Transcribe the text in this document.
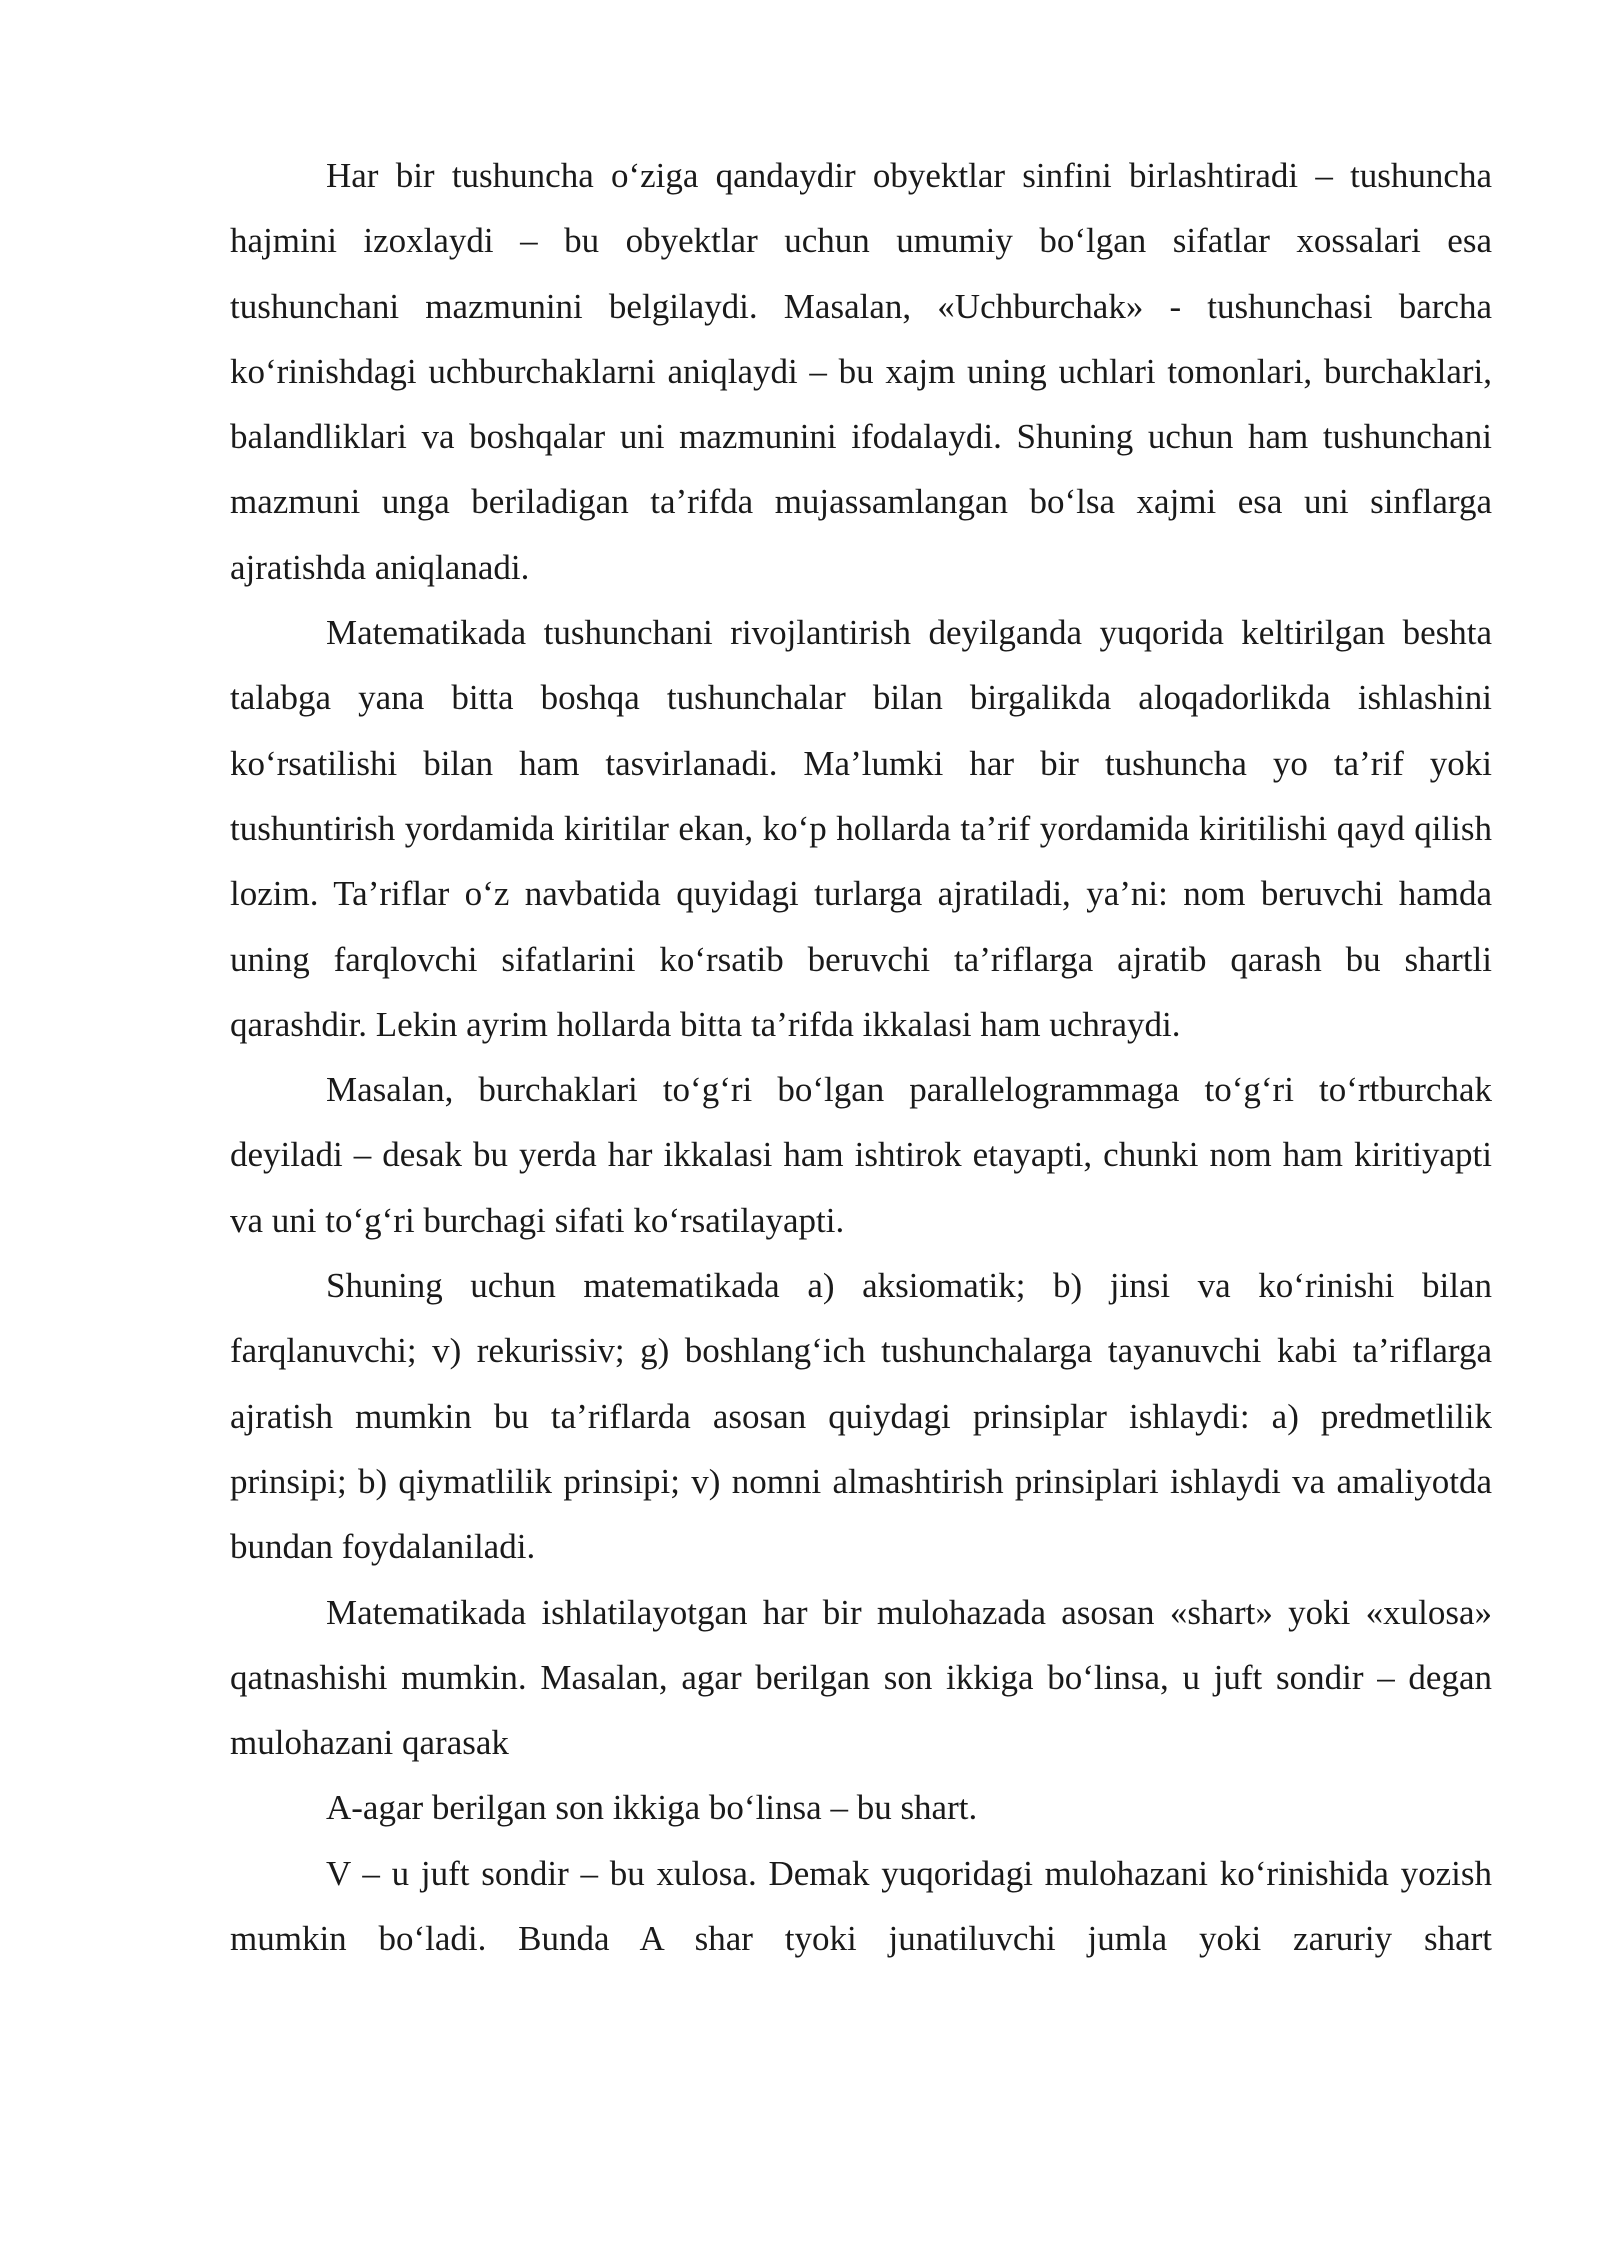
Har bir tushuncha o‘ziga qandaydir obyektlar sinfini birlashtiradi – tushuncha hajmini izoxlaydi – bu obyektlar uchun umumiy bo‘lgan sifatlar xossalari esa tushunchani mazmunini belgilaydi. Masalan, «Uchburchak» - tushunchasi barcha ko‘rinishdagi uchburchaklarni aniqlaydi – bu xajm uning uchlari tomonlari, burchaklari, balandliklari va boshqalar uni mazmunini ifodalaydi. Shuning uchun ham tushunchani mazmuni unga beriladigan ta’rifda mujassamlangan bo‘lsa xajmi esa uni sinflarga ajratishda aniqlanadi.

Matematikada tushunchani rivojlantirish deyilganda yuqorida keltirilgan beshta talabga yana bitta boshqa tushunchalar bilan birgalikda aloqadorlikda ishlashini ko‘rsatilishi bilan ham tasvirlanadi. Ma’lumki har bir tushuncha yo ta’rif yoki tushuntirish yordamida kiritilar ekan, ko‘p hollarda ta’rif yordamida kiritilishi qayd qilish lozim. Ta’riflar o‘z navbatida quyidagi turlarga ajratiladi, ya’ni: nom beruvchi hamda uning farqlovchi sifatlarini ko‘rsatib beruvchi ta’riflarga ajratib qarash bu shartli qarashdir. Lekin ayrim hollarda bitta ta’rifda ikkalasi ham uchraydi.

Masalan, burchaklari to‘g‘ri bo‘lgan parallelogrammaga to‘g‘ri to‘rtburchak deyiladi – desak bu yerda har ikkalasi ham ishtirok etayapti, chunki nom ham kiritiyapti va uni to‘g‘ri burchagi sifati ko‘rsatilayapti.

Shuning uchun matematikada a) aksiomatik; b) jinsi va ko‘rinishi bilan farqlanuvchi; v) rekurissiv; g) boshlang‘ich tushunchalarga tayanuvchi kabi ta’riflarga ajratish mumkin bu ta’riflarda asosan quiydagi prinsiplar ishlaydi: a) predmetlilik prinsipi; b) qiymatlilik prinsipi; v) nomni almashtirish prinsiplari ishlaydi va amaliyotda bundan foydalaniladi.

Matematikada ishlatilayotgan har bir mulohazada asosan «shart» yoki «xulosa» qatnashishi mumkin. Masalan, agar berilgan son ikkiga bo‘linsa, u juft sondir – degan mulohazani qarasak

A-agar berilgan son ikkiga bo‘linsa – bu shart.

V – u juft sondir – bu xulosa. Demak yuqoridagi mulohazani ko‘rinishida yozish mumkin bo‘ladi. Bunda A shar tyoki junatiluvchi jumla yoki zaruriy shart
